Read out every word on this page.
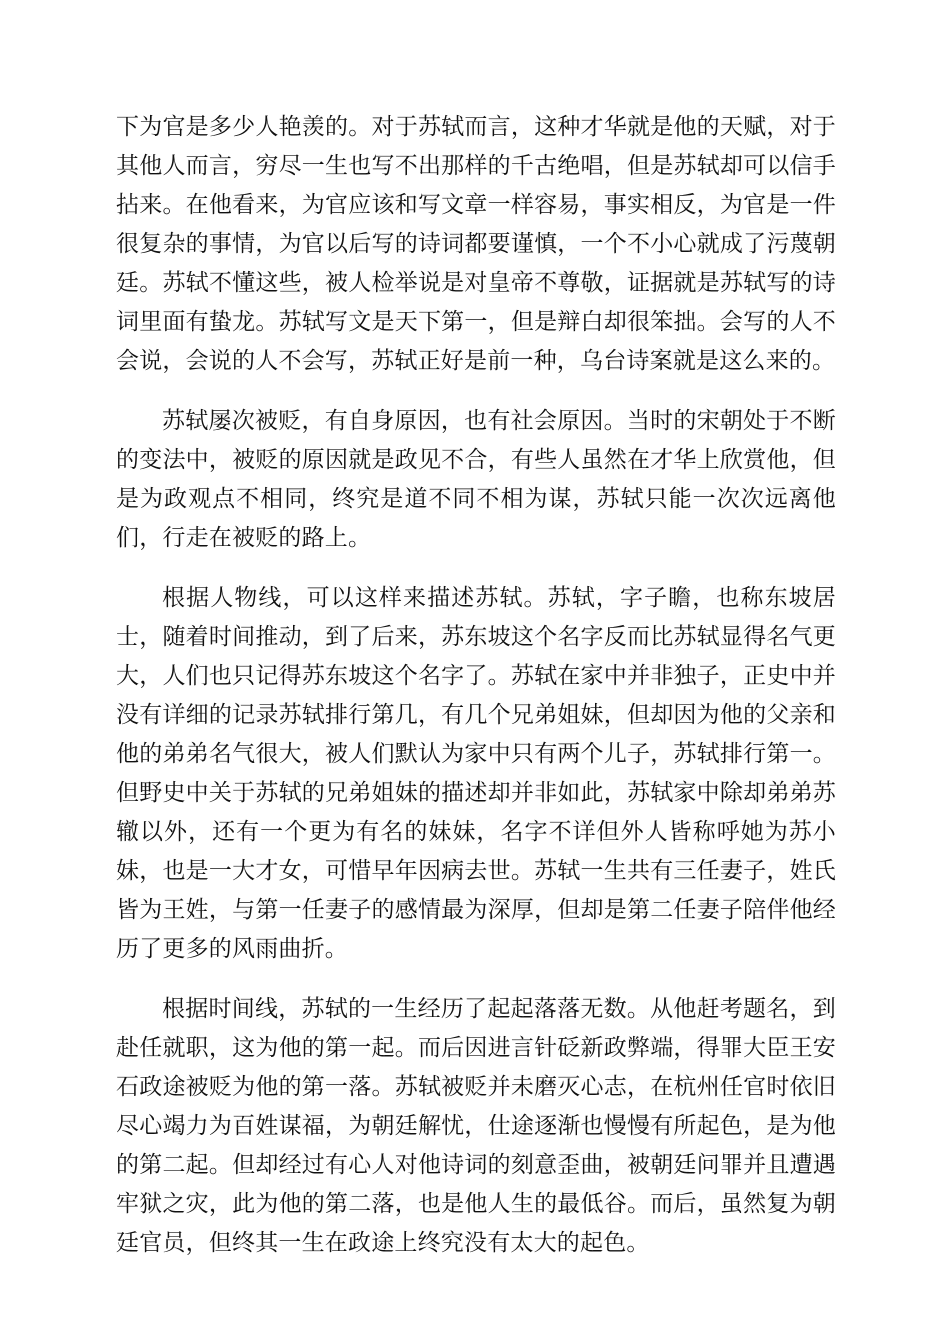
下为官是多少人艳羡的。对于苏轼而言，这种才华就是他的天赋，对于其他人而言，穷尽一生也写不出那样的千古绝唱，但是苏轼却可以信手拈来。在他看来，为官应该和写文章一样容易，事实相反，为官是一件很复杂的事情，为官以后写的诗词都要谨慎，一个不小心就成了污蔑朝廷。苏轼不懂这些，被人检举说是对皇帝不尊敬，证据就是苏轼写的诗词里面有蛰龙。苏轼写文是天下第一，但是辩白却很笨拙。会写的人不会说，会说的人不会写，苏轼正好是前一种，乌台诗案就是这么来的。

苏轼屡次被贬，有自身原因，也有社会原因。当时的宋朝处于不断的变法中，被贬的原因就是政见不合，有些人虽然在才华上欣赏他，但是为政观点不相同，终究是道不同不相为谋，苏轼只能一次次远离他们，行走在被贬的路上。

根据人物线，可以这样来描述苏轼。苏轼，字子瞻，也称东坡居士，随着时间推动，到了后来，苏东坡这个名字反而比苏轼显得名气更大，人们也只记得苏东坡这个名字了。苏轼在家中并非独子，正史中并没有详细的记录苏轼排行第几，有几个兄弟姐妹，但却因为他的父亲和他的弟弟名气很大，被人们默认为家中只有两个儿子，苏轼排行第一。但野史中关于苏轼的兄弟姐妹的描述却并非如此，苏轼家中除却弟弟苏辙以外，还有一个更为有名的妹妹，名字不详但外人皆称呼她为苏小妹，也是一大才女，可惜早年因病去世。苏轼一生共有三任妻子，姓氏皆为王姓，与第一任妻子的感情最为深厚，但却是第二任妻子陪伴他经历了更多的风雨曲折。

根据时间线，苏轼的一生经历了起起落落无数。从他赶考题名，到赴任就职，这为他的第一起。而后因进言针砭新政弊端，得罪大臣王安石政途被贬为他的第一落。苏轼被贬并未磨灭心志，在杭州任官时依旧尽心竭力为百姓谋福，为朝廷解忧，仕途逐渐也慢慢有所起色，是为他的第二起。但却经过有心人对他诗词的刻意歪曲，被朝廷问罪并且遭遇牢狱之灾，此为他的第二落，也是他人生的最低谷。而后，虽然复为朝廷官员，但终其一生在政途上终究没有太大的起色。
